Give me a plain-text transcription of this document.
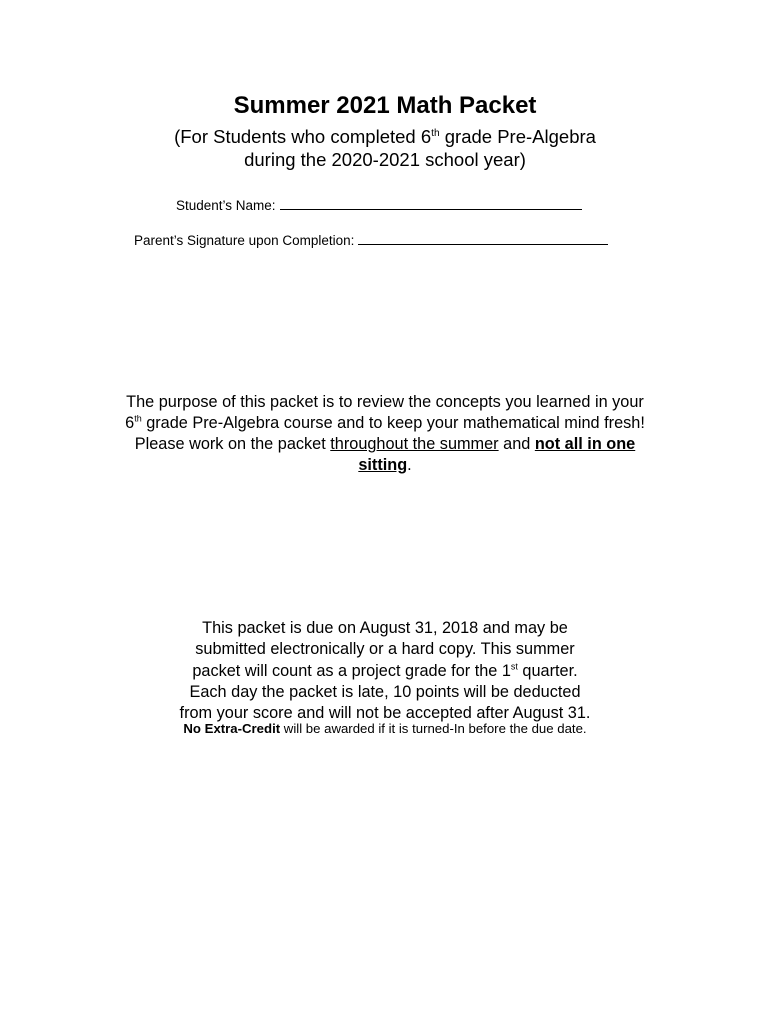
Summer 2021 Math Packet
(For Students who completed 6th grade Pre-Algebra
during the 2020-2021 school year)
Student’s Name:
Parent’s Signature upon Completion:
The purpose of this packet is to review the concepts you learned in your
6th grade Pre-Algebra course and to keep your mathematical mind fresh!
Please work on the packet throughout the summer and not all in one
sitting.
This packet is due on August 31, 2018 and may be
submitted electronically or a hard copy. This summer
packet will count as a project grade for the 1st quarter.
Each day the packet is late, 10 points will be deducted
from your score and will not be accepted after August 31.
No Extra-Credit will be awarded if it is turned-In before the due date.
